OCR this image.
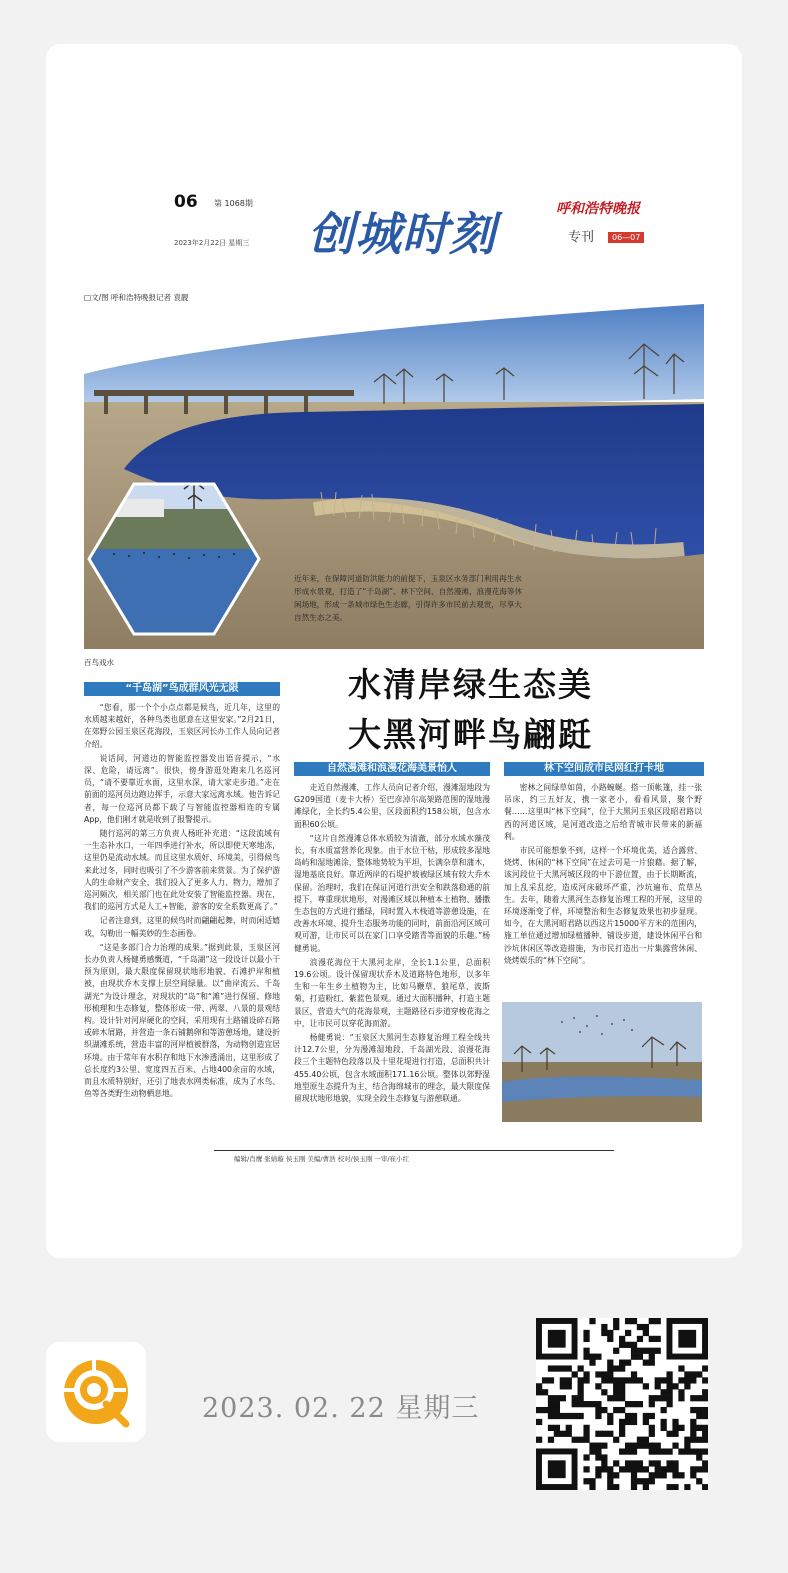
06 第 1068期
2023年2月22日 星期三 创城时刻	呼和浩特晚报
专刊	06—07
□文/图 呼和浩特晚报记者 袁靓
近年来，在保障河道防洪能力的前提下，玉泉区水务部门利用再生水形成水景观，打造了“千岛湖”、林下空间、自然漫滩、浪漫花海等休闲场地，形成一条城市绿色生态廊，引得许多市民前去观赏，尽享大自然生态之美。
百鸟戏水
水清岸绿生态美
大黑河畔鸟翩跹
“千岛湖”鸟成群风光无限

“您看，那一个个小点点都是候鸟，近几年，这里的水质越来越好，各种鸟类也愿意在这里安家。”2月21日，在郊野公园玉泉区花海段，玉泉区河长办工作人员向记者介绍。

说话间，河道边的智能监控器发出语音提示，“水深、危险，请远离”。很快，傍身游逛处跑来几名巡河员，“请不要靠近水面，这里水深，请大家走步道。”走在前面的巡河员边跑边挥手，示意大家远离水域。他告诉记者，每一位巡河员都下载了与智能监控器相连的专属App，他们刚才就是收到了报警提示。

随行巡河的第三方负责人杨旺补充道：“这段流域有一生态补水口，一年四季进行补水，所以即使天寒地冻，这里仍是流动水域。而且这里水质好、环境美，引得候鸟来此过冬，同时也吸引了不少游客前来赏景。为了保护游人的生命财产安全，我们投入了更多人力、物力，增加了巡河频次，相关部门也在此处安装了智能监控器。现在，我们的巡河方式是人工+智能，游客的安全系数更高了。”

记者注意到，这里的候鸟时而翩翩起舞，时而闲适嬉戏，勾勒出一幅美妙的生态画卷。

“这是多部门合力治理的成果。”据到此景，玉泉区河长办负责人杨健勇感慨道，“千岛湖”这一段设计以最小干预为原则，最大限度保留现状地形地貌、石滩护岸和植被，由现状乔木支撑上层空间绿量。以“曲岸流云、千岛湖光”为设计理念，对现状的“岛”和“滩”进行保留、修地形梳理和生态修复，整体形成一带、两翠、八景的景观结构。设计针对河岸硬化的空间，采用现有土路铺设碎石路或碎木屑路，并营造一条石铺鹅卵和等游憩场地，建设折织湖滩系统，营造丰富的河岸植被群落，为动物创造宜居环境。由于常年有水积存和地下水渗透涌出，这里形成了总长度约3公里、宽度四五百米、占地400余亩的水域，而且水质特别好，还引了地表水网类标准，成为了水鸟、鱼等各类野生动物栖息地。

自然漫滩和浪漫花海美景怡人

走近自然漫滩，工作人员向记者介绍，漫滩湿地段为G209国道（麦卡大桥）至巴彦淖尔高架路范围的湿地漫滩绿化，全长约5.4公里，区段面积约158公顷，包含水面积60公顷。

“这片自然漫滩总体水质较为清澈，部分水域水藻茂长，有水质富营养化现象。由于水位干枯，形成较多湿地岛屿和湿地滩涂，整体地势较为平坦，长满杂草和蒲木，湿地基底良好。靠近两岸的石堤护坡被绿区域有较大乔木保留。治理时，我们在保证河道行洪安全和跌落稳通的前提下，尊重现状地形，对漫滩区域以种植本土植物、播撒生态包的方式进行播绿，同时置入木栈道等游憩设施，在改善水环境、提升生态服务功能的同时，前面沿河区域可观可游，让市民可以在家门口享受踏青等面貌的乐趣。”杨健勇说。

浪漫花海位于大黑河北岸，全长1.1公里，总面积19.6公顷。设计保留现状乔木及道路特色地形，以多年生和一年生乡土植物为主，比如马鞭草、狼尾草、波斯菊，打造粉红、紫蓝色景观。通过大面积播种，打造主题景区，营造大气的花海景观，主题路径石步道穿梭花海之中，让市民可以穿花海而游。

杨健勇说：“玉泉区大黑河生态修复治理工程全线共计12.7公里，分为漫滩湿地段、千岛湖光段、浪漫花海段三个主题特色段落以及十里花堤进行打造，总面积共计455.40公顷，包含水域面积171.16公顷。整体以郊野湿地型原生态提升为主，结合海绵城市的理念，最大限度保留现状地形地貌，实现全段生态修复与游憩联通。

林下空间成市民网红打卡地

密林之间绿草如茵，小路蜿蜒。搭一顶帐篷，挂一张吊床，约三五好友，携一家老小，看看风景，聚个野餐……这里叫“林下空间”，位于大黑河玉泉区段昭君路以西的河道区域，是河道改造之后给青城市民带来的新福利。

市民可能想象不到，这样一个环境优美，适合露营、烧烤、休闲的“林下空间”在过去可是一片狼藉。据了解，该河段位于大黑河城区段的中下游位置，由于长期断流，加上乱采乱挖，造成河床破坏严重，沙坑遍布、荒草丛生。去年，随着大黑河生态修复治理工程的开展，这里的环境逐渐变了样，环境整治和生态修复效果也初步显现。如今，在大黑河昭君路以西这片15000平方米的范围内，施工单位通过增加绿植播种、铺设步道，建设休闲平台和沙坑休闲区等改造措施，为市民打造出一片集露营休闲、烧烤娱乐的“林下空间”。

编辑/肖鹰 张婧璇 侯玉刚 美编/曹浩 校对/侯玉刚 一审/崔小红
2023. 02. 22 星期三
